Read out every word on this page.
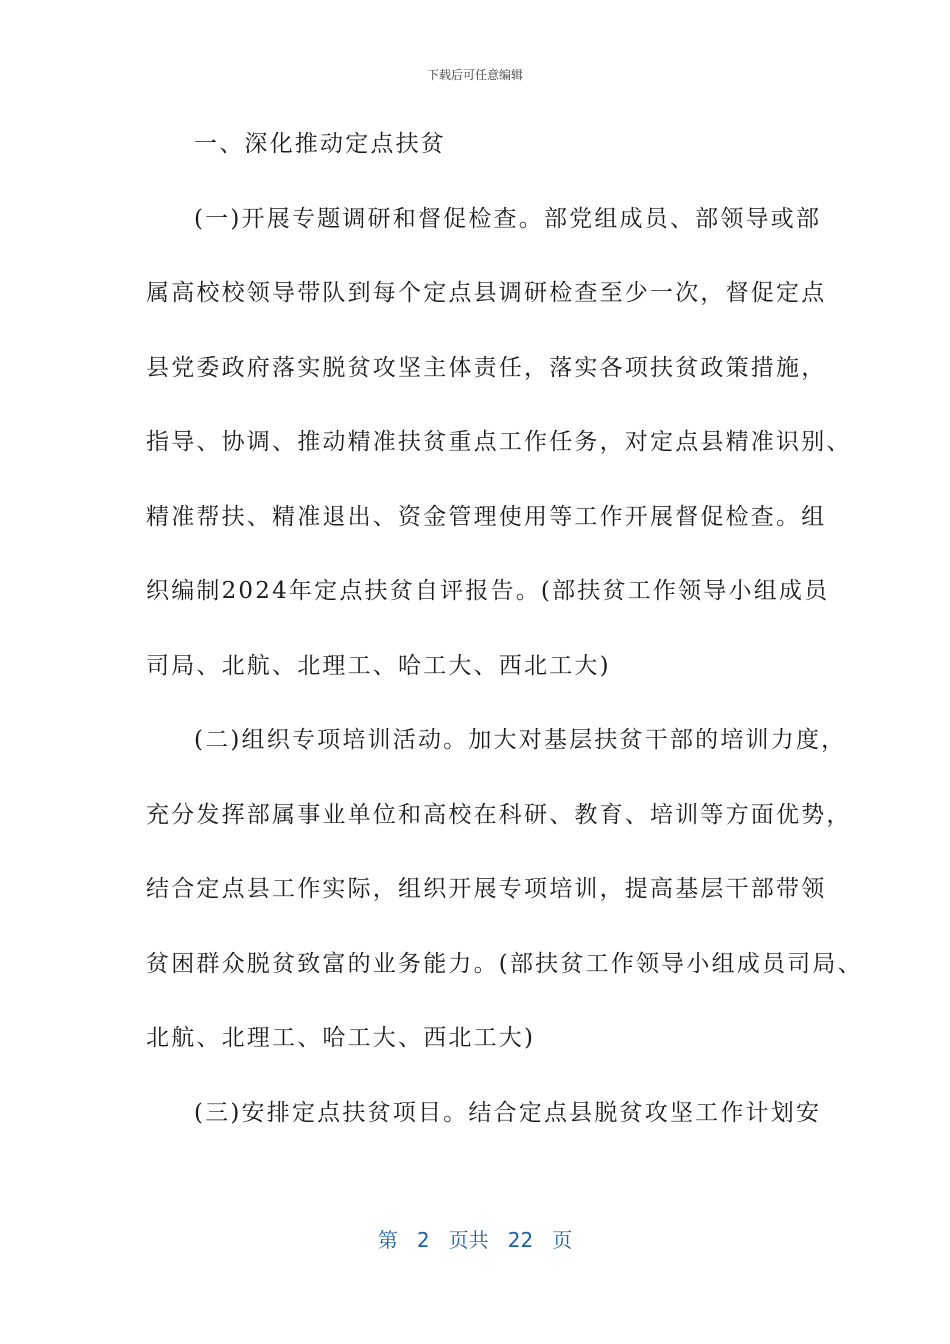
下载后可任意编辑
一、深化推动定点扶贫
(一)开展专题调研和督促检查。部党组成员、部领导或部
属高校校领导带队到每个定点县调研检查至少一次，督促定点
县党委政府落实脱贫攻坚主体责任，落实各项扶贫政策措施，
指导、协调、推动精准扶贫重点工作任务，对定点县精准识别、
精准帮扶、精准退出、资金管理使用等工作开展督促检查。组
织编制2024年定点扶贫自评报告。(部扶贫工作领导小组成员
司局、北航、北理工、哈工大、西北工大)
(二)组织专项培训活动。加大对基层扶贫干部的培训力度，
充分发挥部属事业单位和高校在科研、教育、培训等方面优势，
结合定点县工作实际，组织开展专项培训，提高基层干部带领
贫困群众脱贫致富的业务能力。(部扶贫工作领导小组成员司局、
北航、北理工、哈工大、西北工大)
(三)安排定点扶贫项目。结合定点县脱贫攻坚工作计划安
第 2 页共 22 页
